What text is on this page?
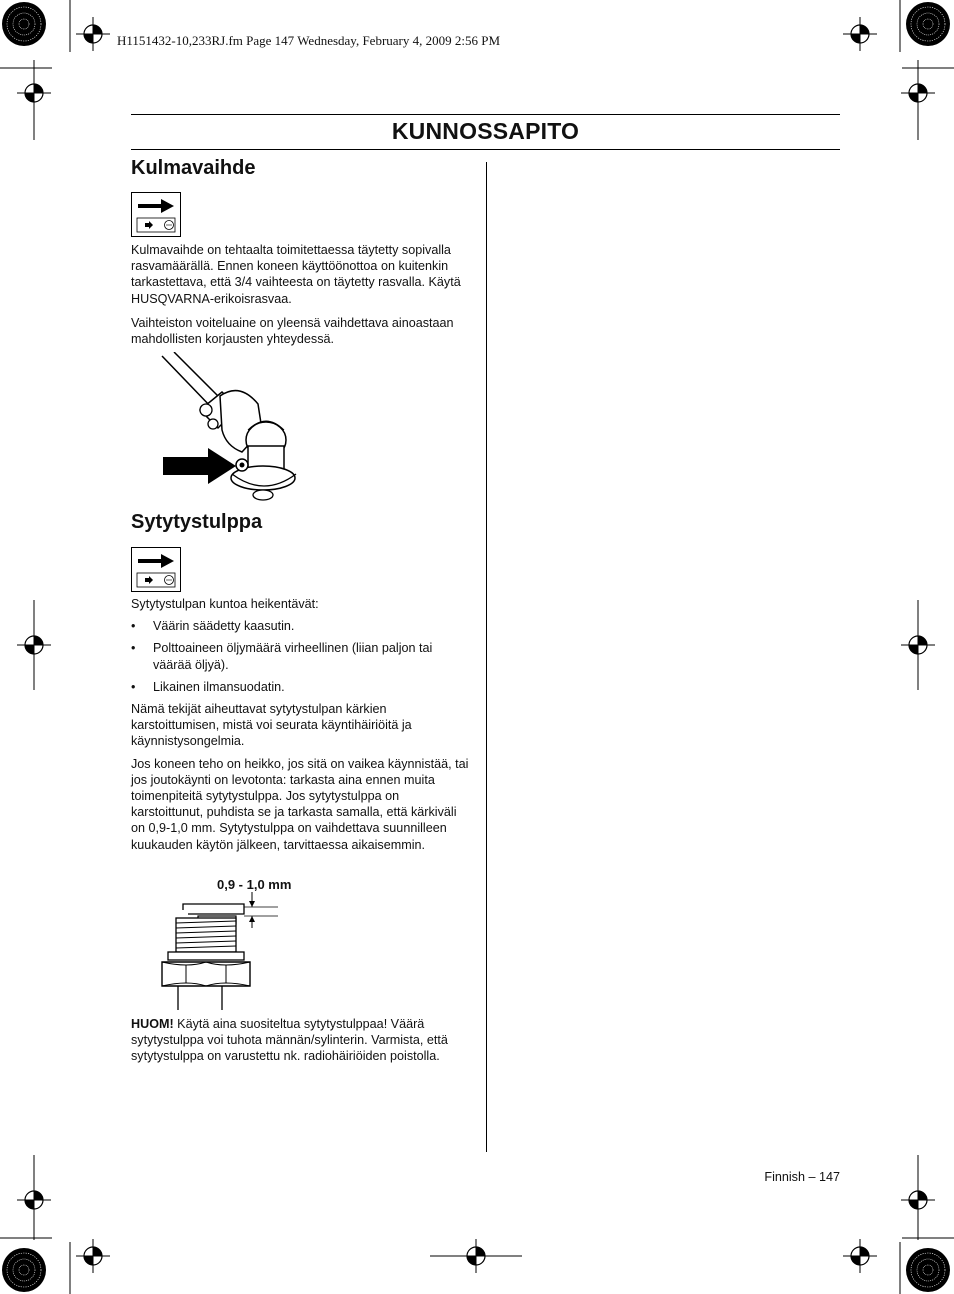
H1151432-10,233RJ.fm Page 147 Wednesday, February 4, 2009 2:56 PM
KUNNOSSAPITO
Kulmavaihde

Kulmavaihde on tehtaalta toimitettaessa täytetty sopivalla rasvamäärällä. Ennen koneen käyttöönottoa on kuitenkin tarkastettava, että 3/4 vaihteesta on täytetty rasvalla. Käytä HUSQVARNA-erikoisrasvaa.

Vaihteiston voiteluaine on yleensä vaihdettava ainoastaan mahdollisten korjausten yhteydessä.

Sytytystulppa

Sytytystulpan kuntoa heikentävät:

• Väärin säädetty kaasutin.
• Polttoaineen öljymäärä virheellinen (liian paljon tai väärää öljyä).
• Likainen ilmansuodatin.

Nämä tekijät aiheuttavat sytytystulpan kärkien karstoittumisen, mistä voi seurata käyntihäiriöitä ja käynnistysongelmia.

Jos koneen teho on heikko, jos sitä on vaikea käynnistää, tai jos joutokäynti on levotonta: tarkasta aina ennen muita toimenpiteitä sytytystulppa. Jos sytytystulppa on karstoittunut, puhdista se ja tarkasta samalla, että kärkiväli on 0,9-1,0 mm. Sytytystulppa on vaihdettava suunnilleen kuukauden käytön jälkeen, tarvittaessa aikaisemmin.

0,9 - 1,0 mm

HUOM! Käytä aina suositeltua sytytystulppaa! Väärä sytytystulppa voi tuhota männän/sylinterin. Varmista, että sytytystulppa on varustettu nk. radiohäiriöiden poistolla.

Finnish – 147
